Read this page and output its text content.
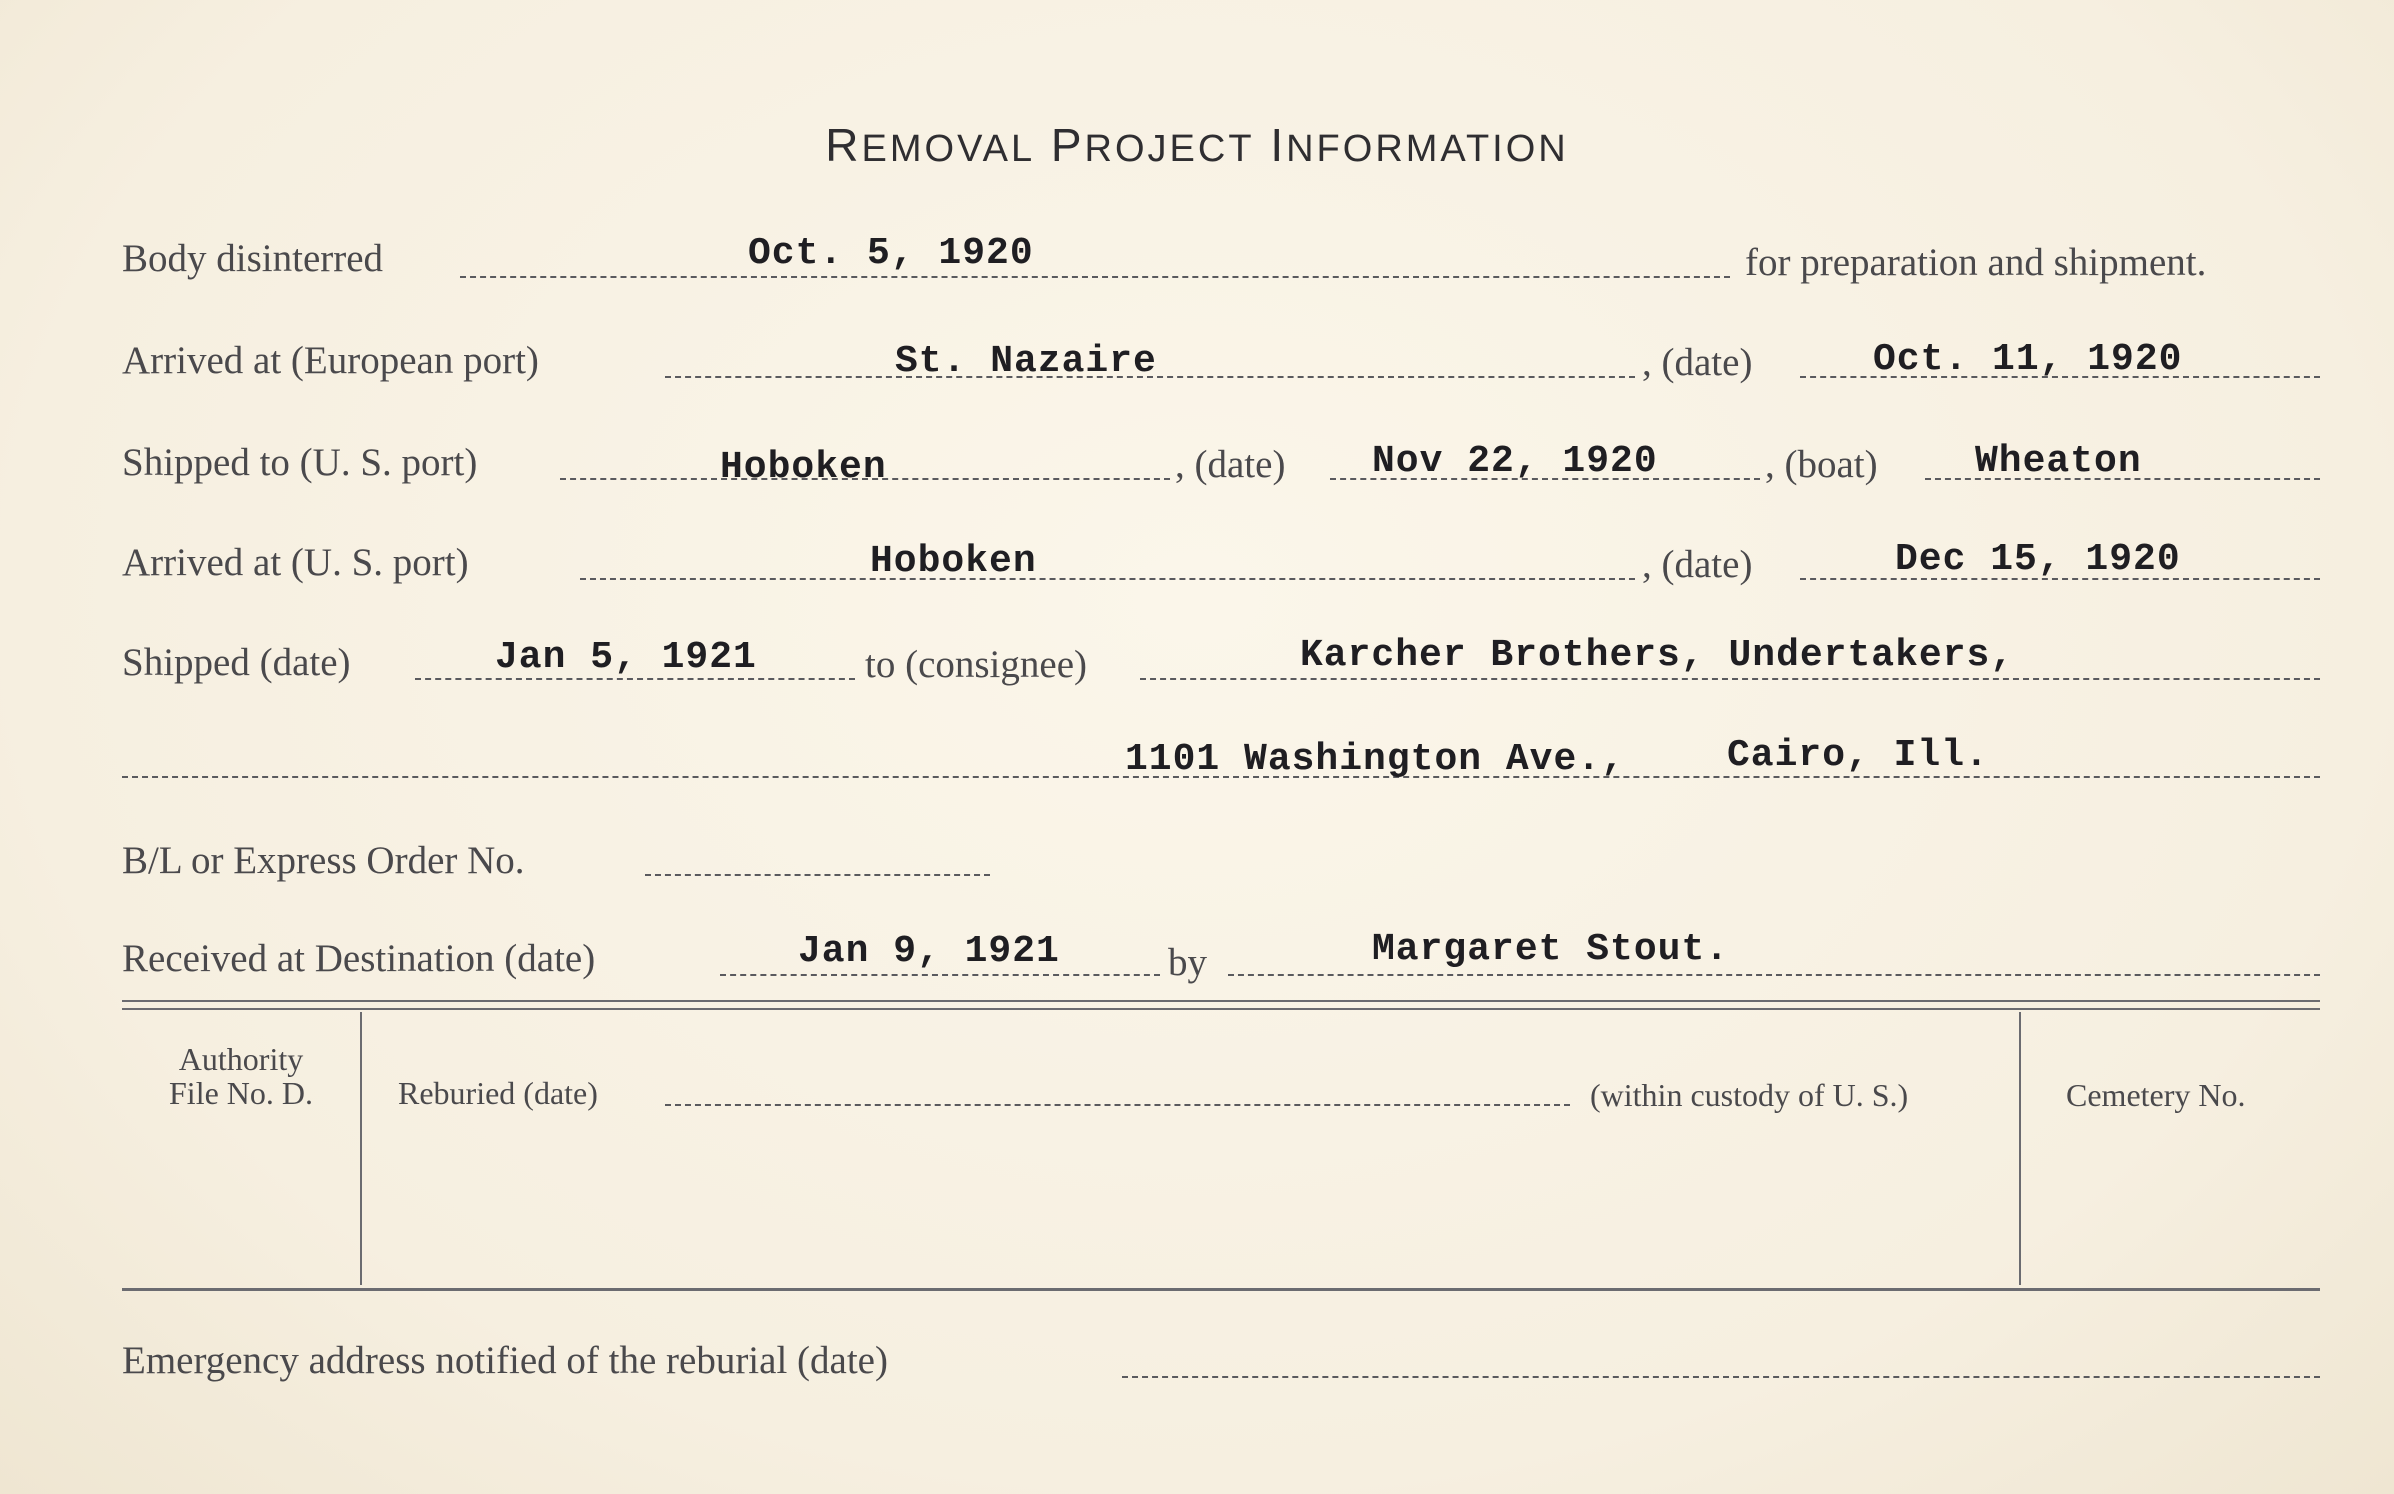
REMOVAL PROJECT INFORMATION
Body disinterred	Oct. 5, 1920	for preparation and shipment.
Arrived at (European port)	St. Nazaire	, (date)	Oct. 11, 1920
Shipped to (U. S. port)	Hoboken	, (date) Nov 22, 1920	, (boat)	Wheaton
Arrived at (U. S. port)	Hoboken	, (date)	Dec 15, 1920
Shipped (date)	Jan 5, 1921	to (consignee)	Karcher Brothers, Undertakers,
1101 Washington Ave.,	Cairo, Ill.
B/L or Express Order No.
Received at Destination (date)	Jan 9, 1921	by	Margaret Stout.
Authority
File No. D.	Reburied (date)	(within custody of U. S.)	Cemetery No.
Emergency address notified of the reburial (date)
